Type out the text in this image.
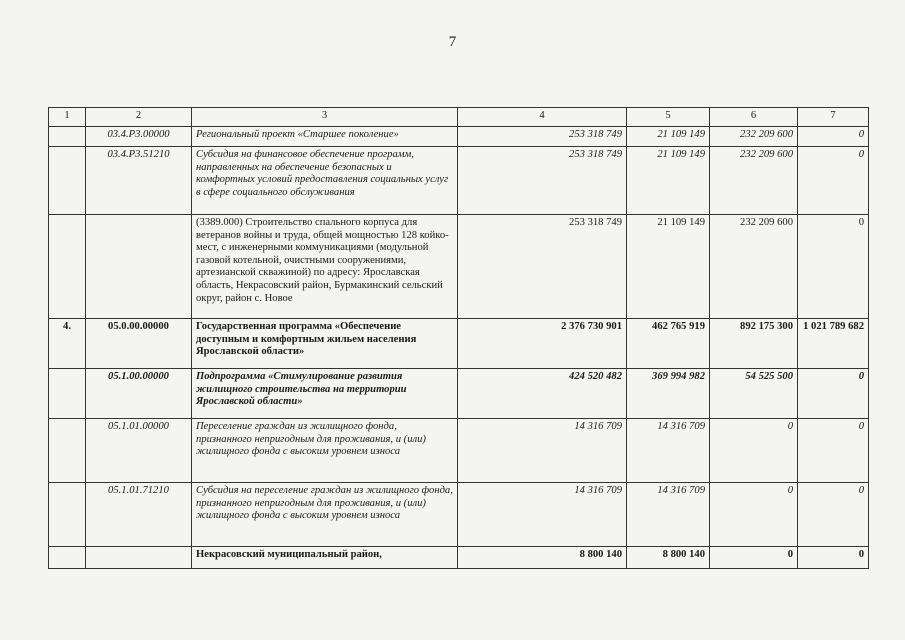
7
1	2	3	4	5	6	7
	03.4.Р3.00000	Региональный проект «Старшее поколение»	253 318 749	21 109 149	232 209 600	0
	03.4.Р3.51210	Субсидия на финансовое обеспечение программ, направленных на обеспечение безопасных и комфортных условий предоставления социальных услуг в сфере социального обслуживания	253 318 749	21 109 149	232 209 600	0
		(3389.000) Строительство спального корпуса для ветеранов войны и труда, общей мощностью 128 койко-мест, с инженерными коммуникациями (модульной газовой котельной, очистными сооружениями, артезианской скважиной) по адресу: Ярославская область, Некрасовский район, Бурмакинский сельский округ, район с. Новое	253 318 749	21 109 149	232 209 600	0
4.	05.0.00.00000	Государственная программа «Обеспечение доступным и комфортным жильем населения Ярославской области»	2 376 730 901	462 765 919	892 175 300	1 021 789 682
	05.1.00.00000	Подпрограмма «Стимулирование развития жилищного строительства на территории Ярославской области»	424 520 482	369 994 982	54 525 500	0
	05.1.01.00000	Переселение граждан из жилищного фонда, признанного непригодным для проживания, и (или) жилищного фонда с высоким уровнем износа	14 316 709	14 316 709	0	0
	05.1.01.71210	Субсидия на переселение граждан из жилищного фонда, признанного непригодным для проживания, и (или) жилищного фонда с высоким уровнем износа	14 316 709	14 316 709	0	0
		Некрасовский муниципальный район,	8 800 140	8 800 140	0	0
